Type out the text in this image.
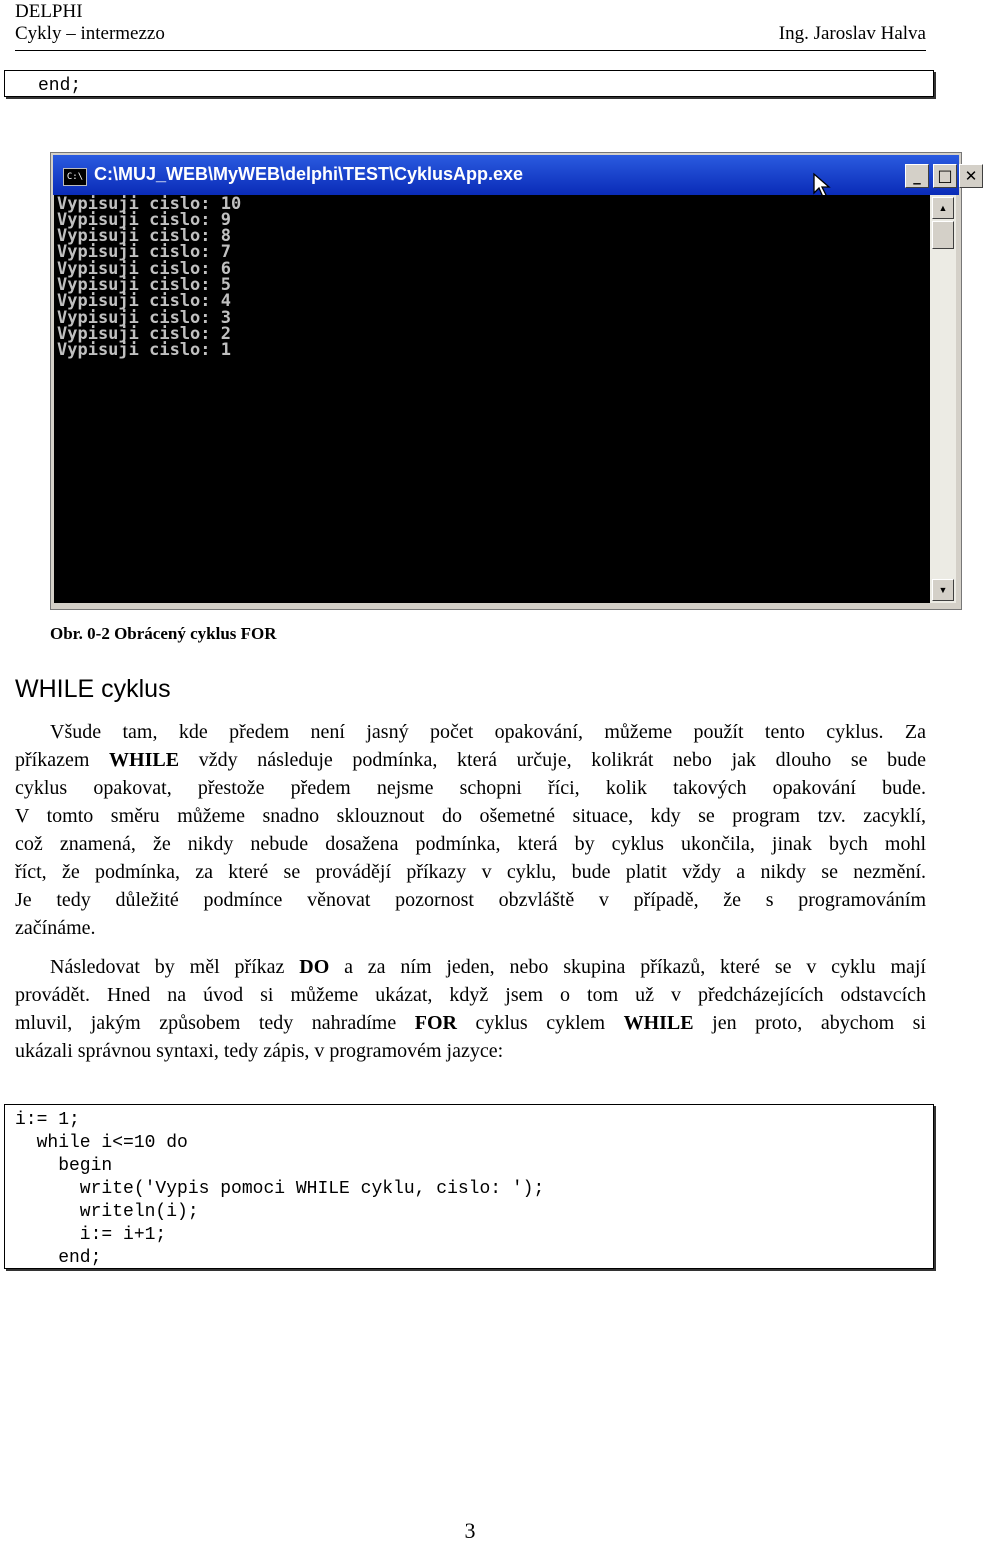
DELPHI
Cykly – intermezzo	Ing. Jaroslav Halva
end;
C:\ C:\MUJ_WEB\MyWEB\delphi\TEST\CyklusApp.exe	_	□ ✕
Vypisuji cislo: 10
Vypisuji cislo: 9
Vypisuji cislo: 8
Vypisuji cislo: 7
Vypisuji cislo: 6
Vypisuji cislo: 5
Vypisuji cislo: 4
Vypisuji cislo: 3
Vypisuji cislo: 2
Vypisuji cislo: 1
▲
▼
Obr. 0-2 Obrácený cyklus FOR
WHILE cyklus
Všude tam, kde předem není jasný počet opakování, můžeme použít tento cyklus. Za
příkazem WHILE vždy následuje podmínka, která určuje, kolikrát nebo jak dlouho se bude
cyklus opakovat, přestože předem nejsme schopni říci, kolik takových opakování bude.
V tomto směru můžeme snadno sklouznout do ošemetné situace, kdy se program tzv. zacyklí,
což znamená, že nikdy nebude dosažena podmínka, která by cyklus ukončila, jinak bych mohl
říct, že podmínka, za které se provádějí příkazy v cyklu, bude platit vždy a nikdy se nezmění.
Je tedy důležité podmínce věnovat pozornost obzvláště v případě, že s programováním
začínáme.
Následovat by měl příkaz DO a za ním jeden, nebo skupina příkazů, které se v cyklu mají
provádět. Hned na úvod si můžeme ukázat, když jsem o tom už v předcházejících odstavcích
mluvil, jakým způsobem tedy nahradíme FOR cyklus cyklem WHILE jen proto, abychom si
ukázali správnou syntaxi, tedy zápis, v programovém jazyce:
i:= 1;
while i<=10 do
begin
write('Vypis pomoci WHILE cyklu, cislo: ');
writeln(i);
i:= i+1;
end;
3
